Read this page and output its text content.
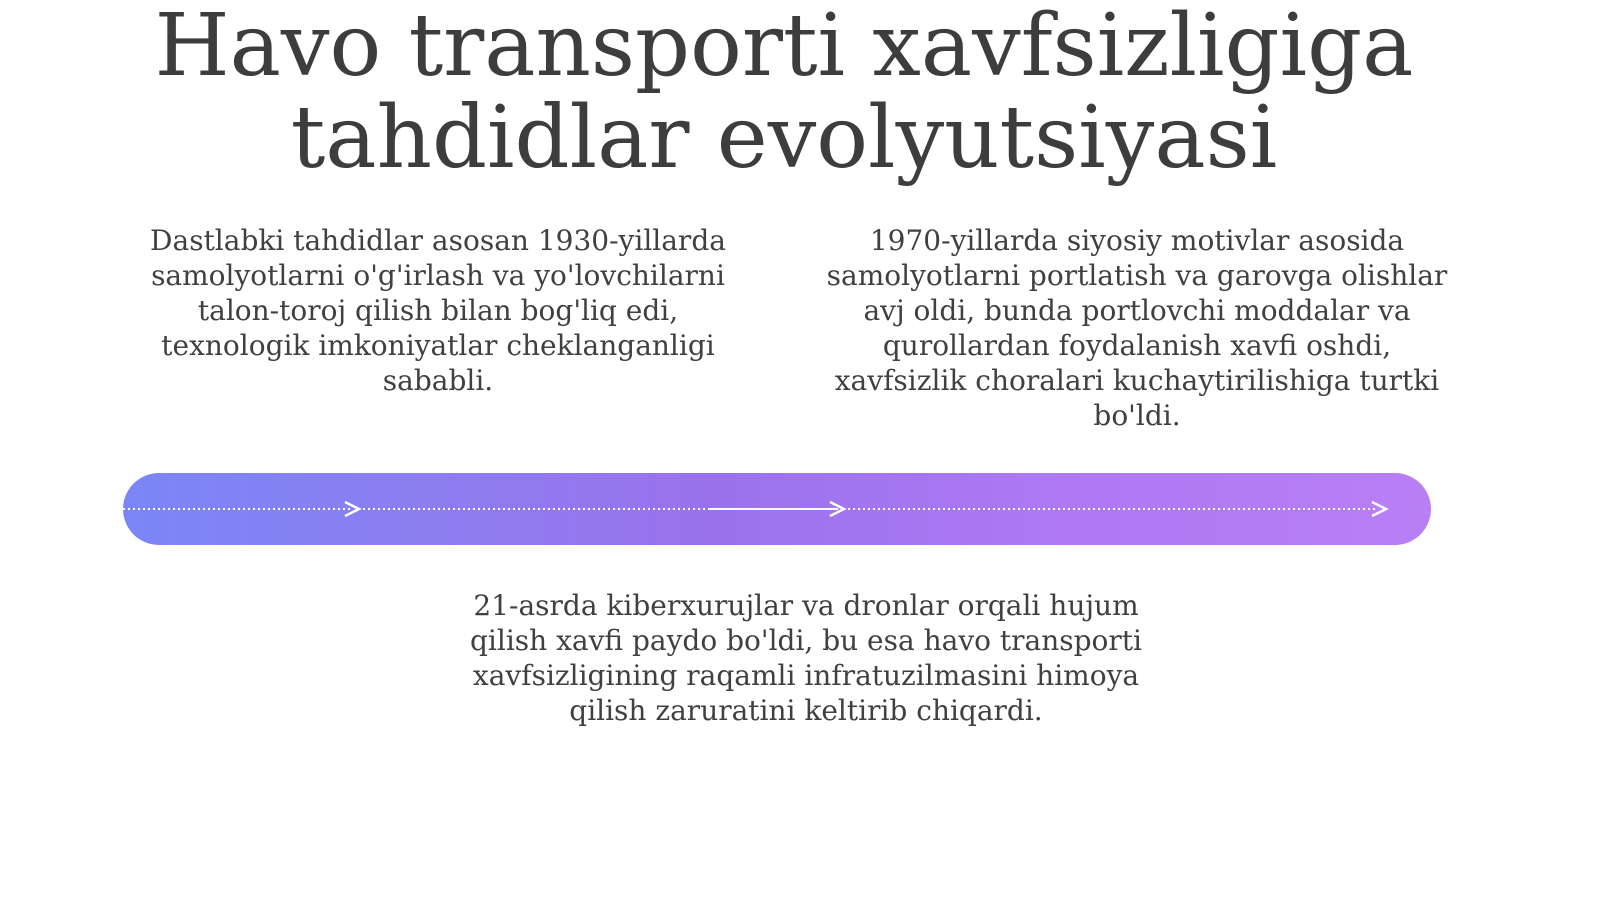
Havo transporti xavfsizligiga
tahdidlar evolyutsiyasi

Dastlabki tahdidlar asosan 1930-yillarda samolyotlarni o'g'irlash va yo'lovchilarni talon-toroj qilish bilan bog'liq edi, texnologik imkoniyatlar cheklanganligi sababli.

1970-yillarda siyosiy motivlar asosida samolyotlarni portlatish va garovga olishlar avj oldi, bunda portlovchi moddalar va qurollardan foydalanish xavfi oshdi, xavfsizlik choralari kuchaytirilishiga turtki bo'ldi.

21-asrda kiberxurujlar va dronlar orqali hujum qilish xavfi paydo bo'ldi, bu esa havo transporti xavfsizligining raqamli infratuzilmasini himoya qilish zaruratini keltirib chiqardi.
